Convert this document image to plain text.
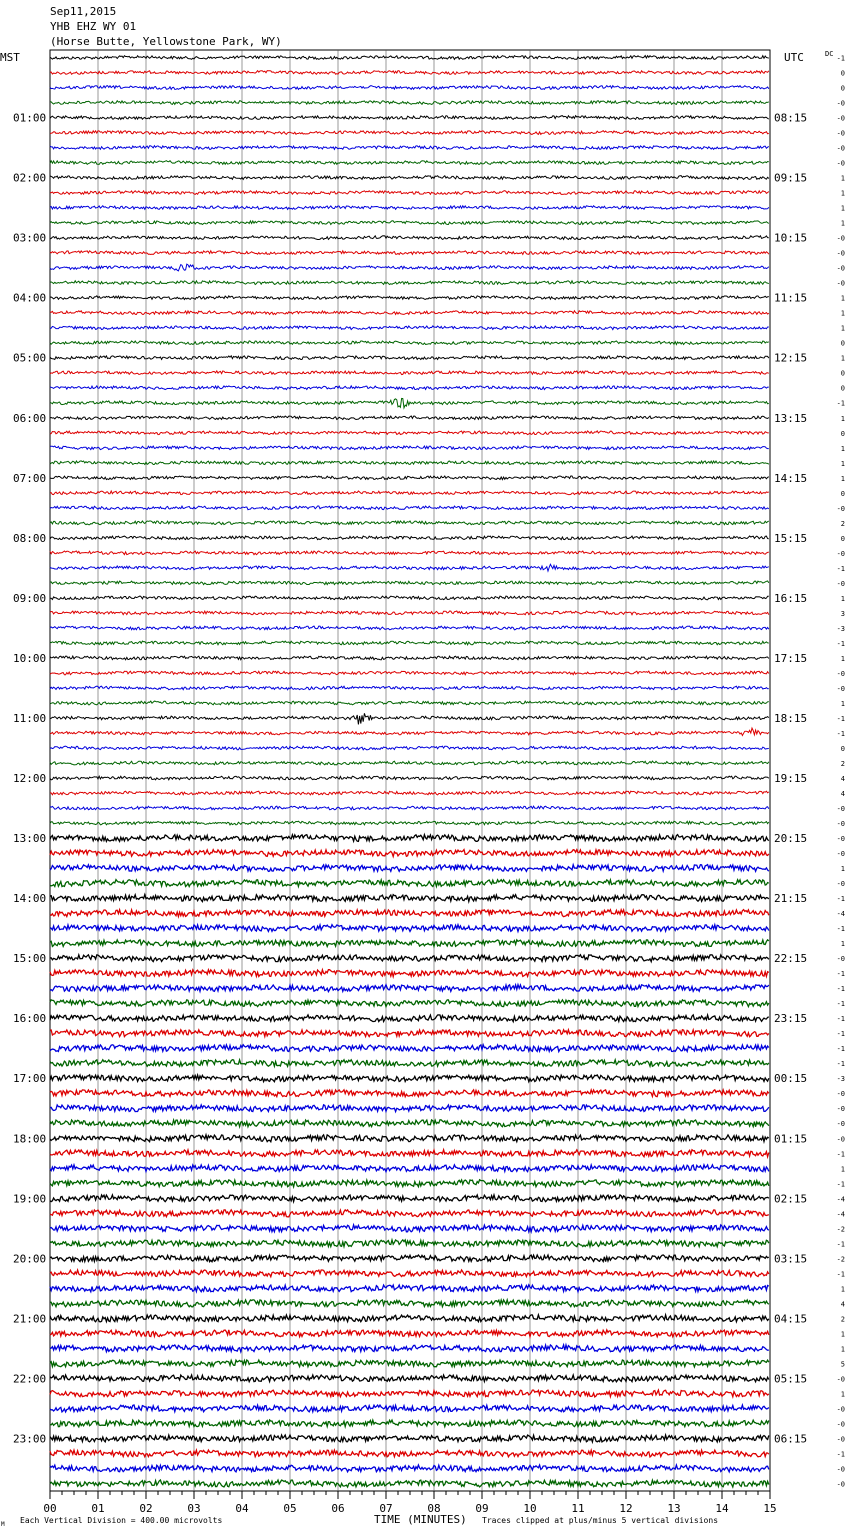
Sep11,2015
YHB EHZ WY 01
(Horse Butte, Yellowstone Park, WY)
00	01	02	03	04	05	06	07	08	09	10	11	12	13	14	15
01:00
02:00
03:00
04:00
05:00
06:00
07:00
08:00
09:00
10:00
11:00
12:00
13:00
14:00
15:00
16:00
17:00
18:00
19:00
20:00
21:00
22:00
23:00
08:15
09:15
10:15
11:15
12:15
13:15
14:15
15:15
16:15
17:15
18:15
19:15
20:15
21:15
22:15
23:15
00:15
01:15
02:15
03:15
04:15
05:15
06:15
-1
0
0
-0
-0
-0
-0
-0
1
1
1
1
-0
-0
-0
-0
1
1
1
0
1
0
0
-1
1
0
1
1
1
0
-0
2
0
-0
-1
-0
1
3
-3
-1
1
-0
-0
1
-1
-1
0
2
4
4
-0
-0
-0
-0
1
-0
-1
-4
-1
1
-0
-1
-1
-1
-1
-1
-1
-1
-3
-0
-0
-0
-0
-1
1
-1
-4
-4
-2
-1
-2
-1
1
4
2
1
1
5
-0
1
-0
-0
-0
-1
-0
-0
MST	UTC	DC
Each Vertical Division = 400.00 microvolts	TIME (MINUTES) Traces clipped at plus/minus 5 vertical divisions
M
